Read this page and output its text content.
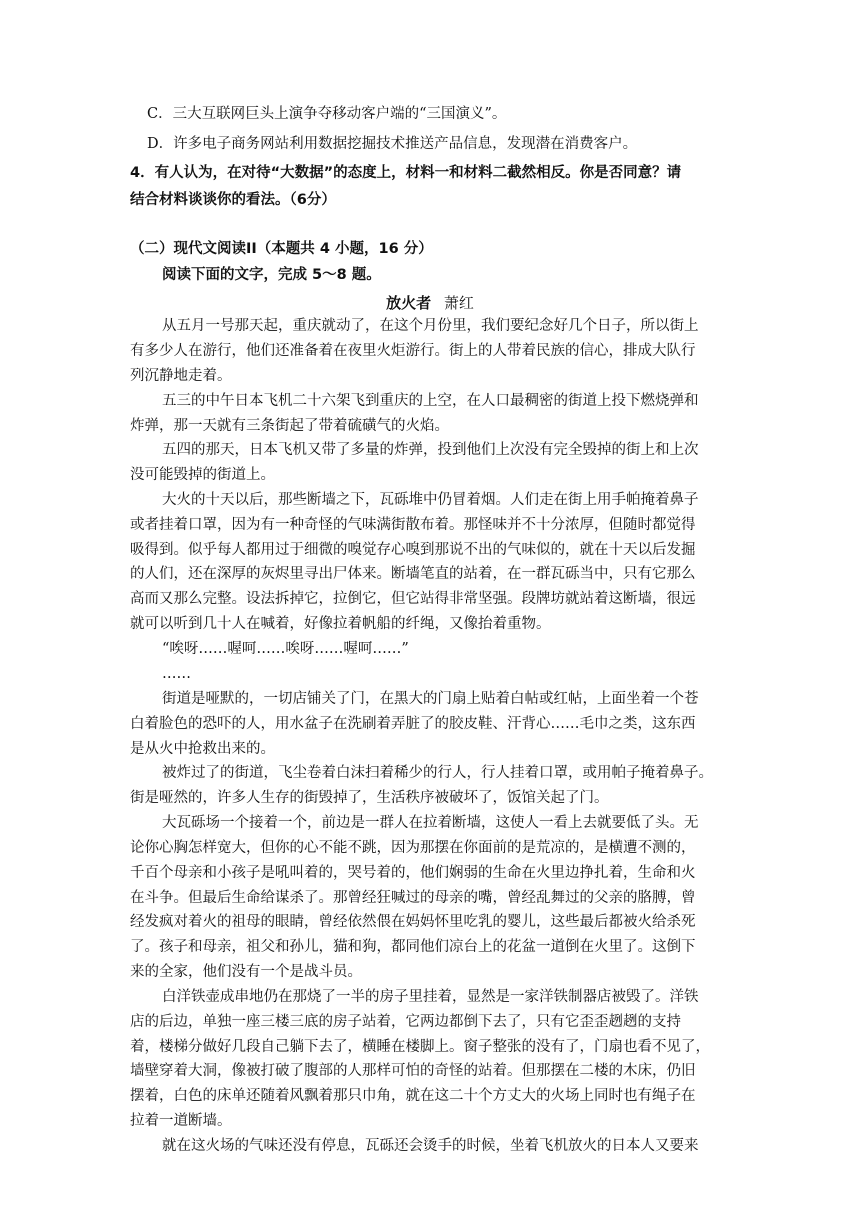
C．三大互联网巨头上演争夺移动客户端的“三国演义”。
D．许多电子商务网站利用数据挖掘技术推送产品信息，发现潜在消费客户。
4．有人认为，在对待“大数据”的态度上，材料一和材料二截然相反。你是否同意？请
结合材料谈谈你的看法。（6分）
（二）现代文阅读II（本题共 4 小题，16 分）
阅读下面的文字，完成 5～8 题。
放火者 萧红
从五月一号那天起，重庆就动了，在这个月份里，我们要纪念好几个日子，所以街上
有多少人在游行，他们还准备着在夜里火炬游行。街上的人带着民族的信心，排成大队行
列沉静地走着。
五三的中午日本飞机二十六架飞到重庆的上空，在人口最稠密的街道上投下燃烧弹和
炸弹，那一天就有三条街起了带着硫磺气的火焰。
五四的那天，日本飞机又带了多量的炸弹，投到他们上次没有完全毁掉的街上和上次
没可能毁掉的街道上。
大火的十天以后，那些断墙之下，瓦砾堆中仍冒着烟。人们走在街上用手帕掩着鼻子
或者挂着口罩，因为有一种奇怪的气味满街散布着。那怪味并不十分浓厚，但随时都觉得
吸得到。似乎每人都用过于细微的嗅觉存心嗅到那说不出的气味似的，就在十天以后发掘
的人们，还在深厚的灰烬里寻出尸体来。断墙笔直的站着，在一群瓦砾当中，只有它那么
高而又那么完整。设法拆掉它，拉倒它，但它站得非常坚强。段牌坊就站着这断墙，很远
就可以听到几十人在喊着，好像拉着帆船的纤绳，又像抬着重物。
“唉呀……喔呵……唉呀……喔呵……”
……
街道是哑默的，一切店铺关了门，在黑大的门扇上贴着白帖或红帖，上面坐着一个苍
白着脸色的恐吓的人，用水盆子在洗刷着弄脏了的胶皮鞋、汗背心……毛巾之类，这东西
是从火中抢救出来的。
被炸过了的街道，飞尘卷着白沫扫着稀少的行人，行人挂着口罩，或用帕子掩着鼻子。
街是哑然的，许多人生存的街毁掉了，生活秩序被破坏了，饭馆关起了门。
大瓦砾场一个接着一个，前边是一群人在拉着断墙，这使人一看上去就要低了头。无
论你心胸怎样宽大，但你的心不能不跳，因为那摆在你面前的是荒凉的，是横遭不测的，
千百个母亲和小孩子是吼叫着的，哭号着的，他们娴弱的生命在火里边挣扎着，生命和火
在斗争。但最后生命给谋杀了。那曾经狂喊过的母亲的嘴，曾经乱舞过的父亲的胳膊，曾
经发疯对着火的祖母的眼睛，曾经依然偎在妈妈怀里吃乳的婴儿，这些最后都被火给杀死
了。孩子和母亲，祖父和孙儿，猫和狗，都同他们凉台上的花盆一道倒在火里了。这倒下
来的全家，他们没有一个是战斗员。
白洋铁壶成串地仍在那烧了一半的房子里挂着，显然是一家洋铁制器店被毁了。洋铁
店的后边，单独一座三楼三底的房子站着，它两边都倒下去了，只有它歪歪趔趔的支持
着，楼梯分做好几段自己躺下去了，横睡在楼脚上。窗子整张的没有了，门扇也看不见了，
墙壁穿着大洞，像被打破了腹部的人那样可怕的奇怪的站着。但那摆在二楼的木床，仍旧
摆着，白色的床单还随着风飘着那只巾角，就在这二十个方丈大的火场上同时也有绳子在
拉着一道断墙。
就在这火场的气味还没有停息，瓦砾还会烫手的时候，坐着飞机放火的日本人又要来
